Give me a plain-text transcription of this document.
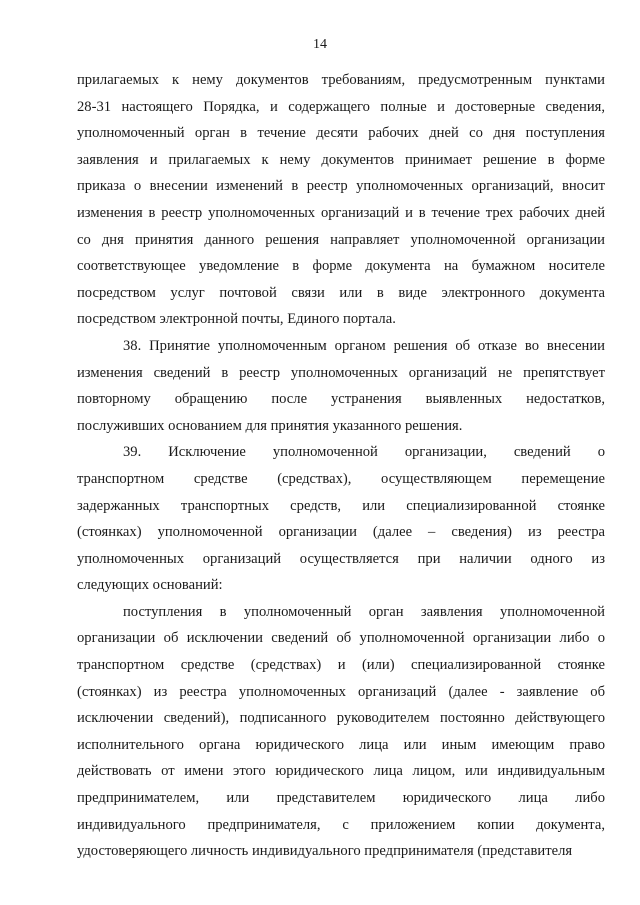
14
прилагаемых к нему документов требованиям, предусмотренным пунктами
28-31 настоящего Порядка, и содержащего полные и достоверные сведения,
уполномоченный орган в течение десяти рабочих дней со дня поступления
заявления и прилагаемых к нему документов принимает решение в форме
приказа о внесении изменений в реестр уполномоченных организаций, вносит
изменения в реестр уполномоченных организаций и в течение трех рабочих дней
со дня принятия данного решения направляет уполномоченной организации
соответствующее уведомление в форме документа на бумажном носителе
посредством услуг почтовой связи или в виде электронного документа
посредством электронной почты, Единого портала.
38. Принятие уполномоченным органом решения об отказе во внесении
изменения сведений в реестр уполномоченных организаций не препятствует
повторному обращению после устранения выявленных недостатков,
послуживших основанием для принятия указанного решения.
39. Исключение уполномоченной организации, сведений о
транспортном средстве (средствах), осуществляющем перемещение
задержанных транспортных средств, или специализированной стоянке
(стоянках) уполномоченной организации (далее – сведения) из реестра
уполномоченных организаций осуществляется при наличии одного из
следующих оснований:
поступления в уполномоченный орган заявления уполномоченной
организации об исключении сведений об уполномоченной организации либо о
транспортном средстве (средствах) и (или) специализированной стоянке
(стоянках) из реестра уполномоченных организаций (далее - заявление об
исключении сведений), подписанного руководителем постоянно действующего
исполнительного органа юридического лица или иным имеющим право
действовать от имени этого юридического лица лицом, или индивидуальным
предпринимателем, или представителем юридического лица либо
индивидуального предпринимателя, с приложением копии документа,
удостоверяющего личность индивидуального предпринимателя (представителя
